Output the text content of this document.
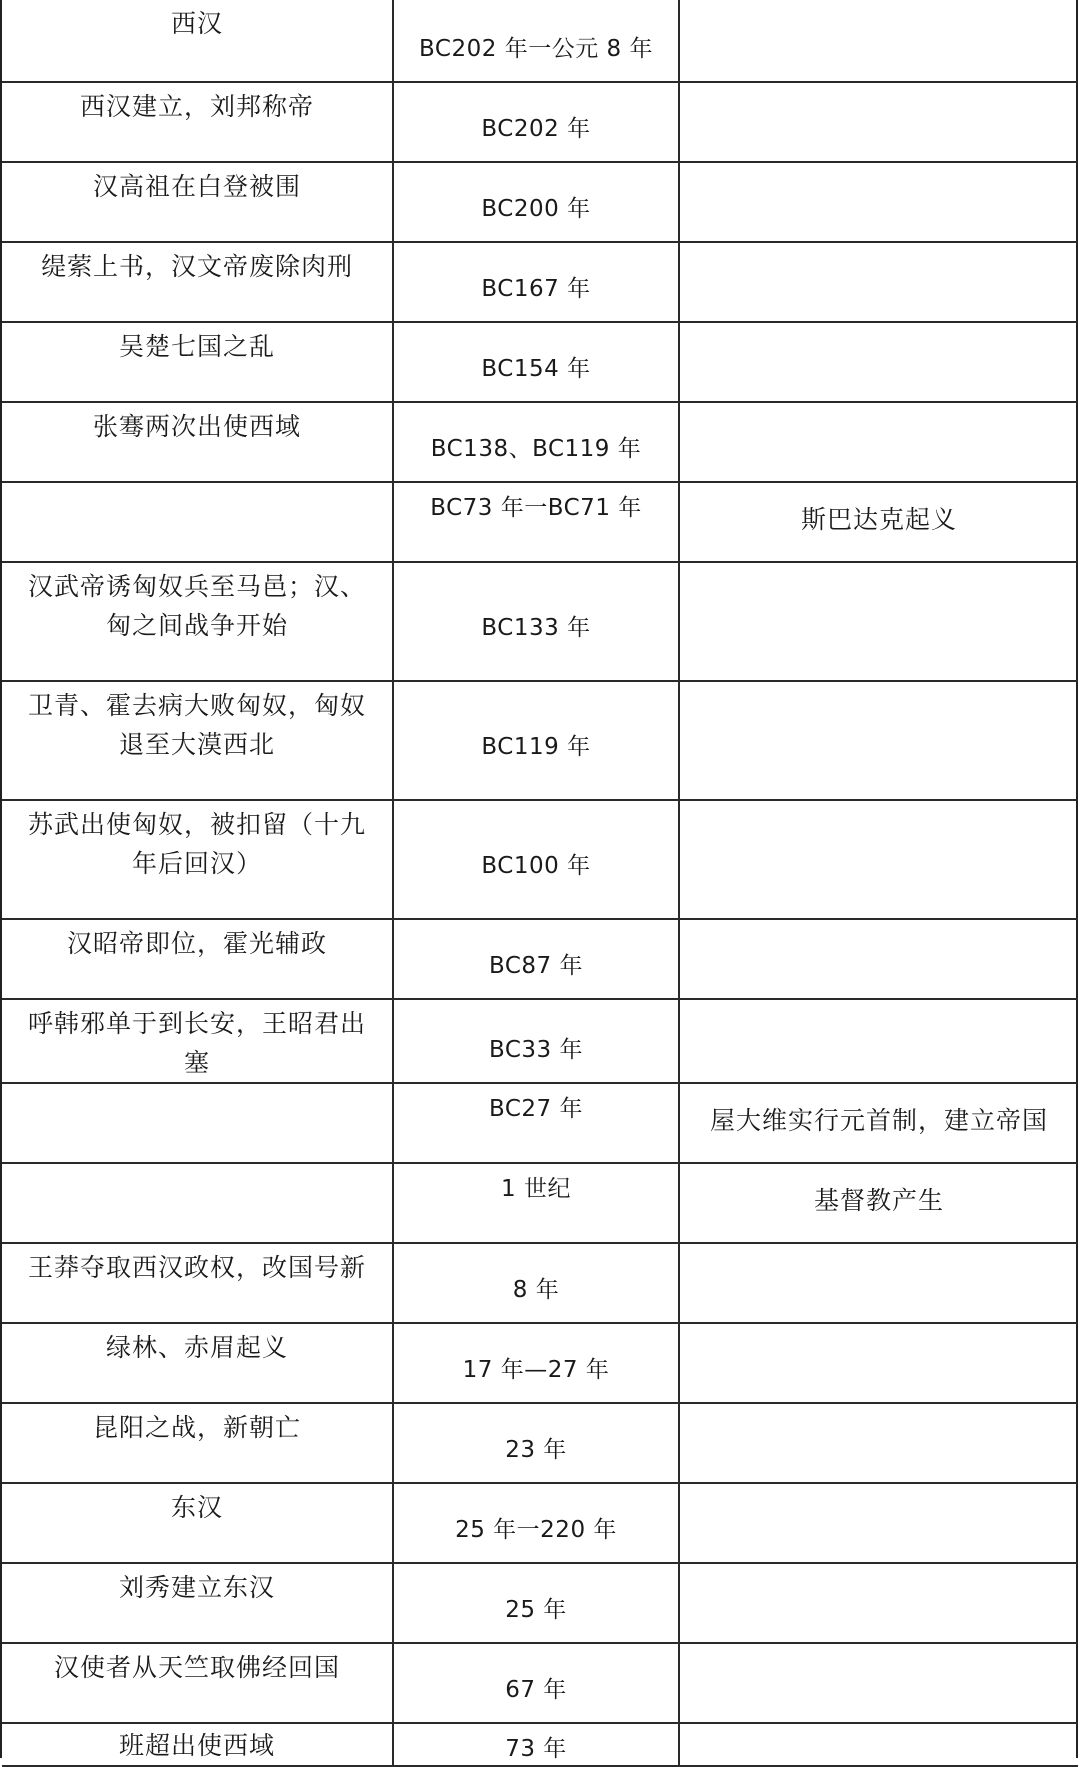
西汉	BC202 年一公元 8 年	

西汉建立，刘邦称帝	BC202 年	

汉高祖在白登被围	BC200 年	

缇萦上书，汉文帝废除肉刑	BC167 年	

吴楚七国之乱	BC154 年	

张骞两次出使西域	BC138、BC119 年	

	BC73 年一BC71 年	斯巴达克起义

汉武帝诱匈奴兵至马邑；汉、匈之间战争开始	BC133 年	

卫青、霍去病大败匈奴，匈奴退至大漠西北	BC119 年	

苏武出使匈奴，被扣留（十九年后回汉）	BC100 年	

汉昭帝即位，霍光辅政	BC87 年	

呼韩邪单于到长安，王昭君出塞	BC33 年	

	BC27 年	屋大维实行元首制，建立帝国

	1 世纪	基督教产生

王莽夺取西汉政权，改国号新	8 年	

绿林、赤眉起义	17 年—27 年	

昆阳之战，新朝亡	23 年	

东汉	25 年一220 年	

刘秀建立东汉	25 年	

汉使者从天竺取佛经回国	67 年	

班超出使西域	73 年	
